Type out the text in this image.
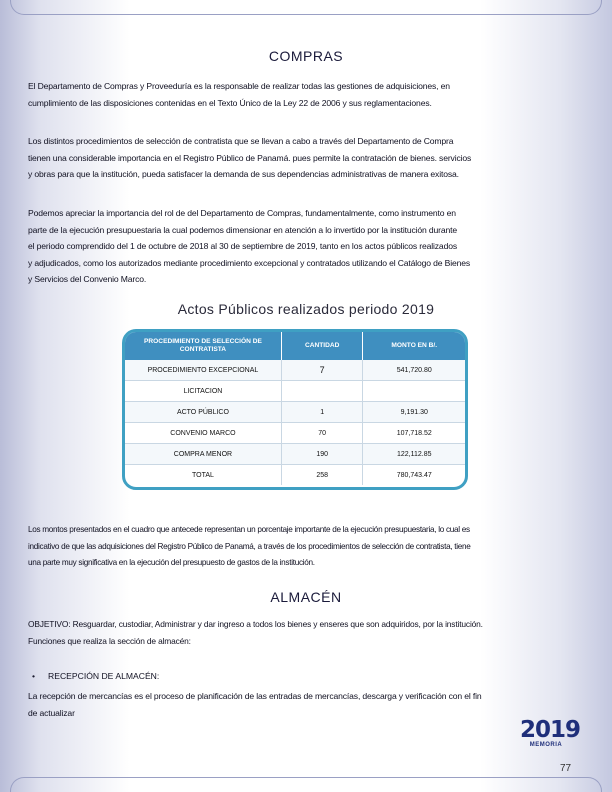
COMPRAS
El Departamento de Compras y Proveeduría es la responsable de realizar todas las gestiones de adquisiciones, en
cumplimiento de las disposiciones contenidas en el Texto Único de la Ley 22 de 2006 y sus reglamentaciones.
Los distintos procedimientos de selección de contratista que se llevan a cabo a través del Departamento de Compra
tienen una considerable importancia en el Registro Público de Panamá. pues permite la contratación de bienes. servicios
y obras para que la institución, pueda satisfacer la demanda de sus dependencias administrativas de manera exitosa.
Podemos apreciar la importancia del rol de del Departamento de Compras, fundamentalmente, como instrumento en
parte de la ejecución presupuestaria la cual podemos dimensionar en atención a lo invertido por la institución durante
el periodo comprendido del 1 de octubre de 2018 al 30 de septiembre de 2019, tanto en los actos públicos realizados
y adjudicados, como los autorizados mediante procedimiento excepcional y contratados utilizando el Catálogo de Bienes
y Servicios del Convenio Marco.
Actos Públicos realizados periodo 2019
PROCEDIMIENTO DE SELECCIÓN DE CONTRATISTA	CANTIDAD	MONTO EN B/.
PROCEDIMIENTO EXCEPCIONAL	7	541,720.80
LICITACION		
ACTO PÚBLICO	1	9,191.30
CONVENIO MARCO	70	107,718.52
COMPRA MENOR	190	122,112.85
TOTAL	258	780,743.47
Los montos presentados en el cuadro que antecede representan un porcentaje importante de la ejecución presupuestaria, lo cual es
indicativo de que las adquisiciones del Registro Público de Panamá, a través de los procedimientos de selección de contratista, tiene
una parte muy significativa en la ejecución del presupuesto de gastos de la institución.
ALMACÉN
OBJETIVO: Resguardar, custodiar, Administrar y dar ingreso a todos los bienes y enseres que son adquiridos, por la institución.
Funciones que realiza la sección de almacén:
• RECEPCIÓN DE ALMACÉN:
La recepción de mercancías es el proceso de planificación de las entradas de mercancías, descarga y verificación con el fin
de actualizar
2019
MEMORIA
77
